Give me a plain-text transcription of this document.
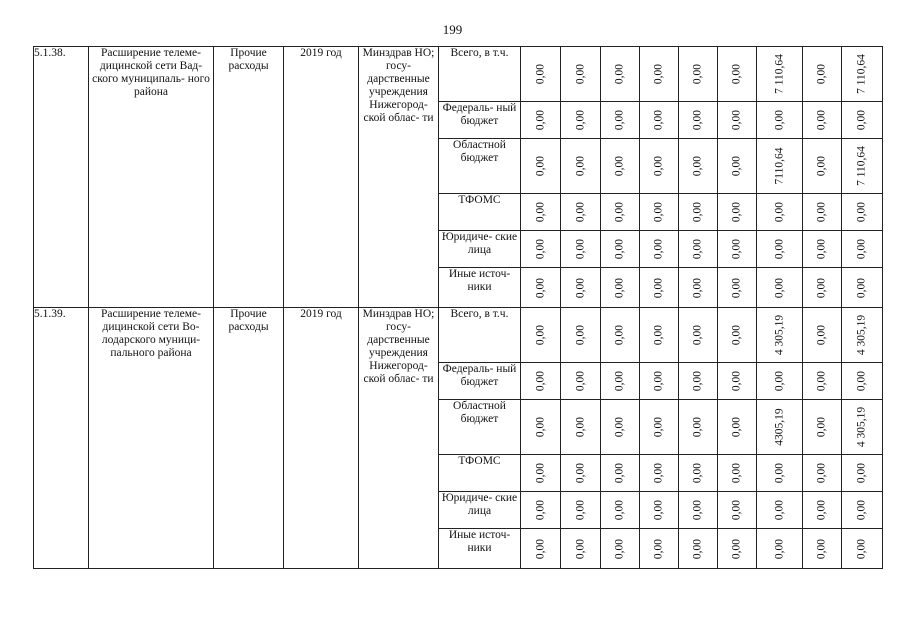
199
5.1.38.	Расширение телеме- дицинской сети Вад- ского муниципаль- ного района	Прочие расходы	2019 год	Минздрав НО; госу- дарственные учреждения Нижегород- ской облас- ти	Всего, в т.ч.	0,00	0,00	0,00	0,00	0,00	0,00	7 110,64	0,00	7 110,64

					Федераль- ный бюджет	0,00	0,00	0,00	0,00	0,00	0,00	0,00	0,00	0,00

					Областной бюджет	0,00	0,00	0,00	0,00	0,00	0,00	7110,64	0,00	7 110,64

					ТФОМС	0,00	0,00	0,00	0,00	0,00	0,00	0,00	0,00	0,00

					Юридиче- ские лица	0,00	0,00	0,00	0,00	0,00	0,00	0,00	0,00	0,00

					Иные источ- ники	0,00	0,00	0,00	0,00	0,00	0,00	0,00	0,00	0,00

5.1.39.	Расширение телеме- дицинской сети Во- лодарского муници- пального района	Прочие расходы	2019 год	Минздрав НО; госу- дарственные учреждения Нижегород- ской облас- ти	Всего, в т.ч.	0,00	0,00	0,00	0,00	0,00	0,00	4 305,19	0,00	4 305,19

					Федераль- ный бюджет	0,00	0,00	0,00	0,00	0,00	0,00	0,00	0,00	0,00

					Областной бюджет	0,00	0,00	0,00	0,00	0,00	0,00	4305,19	0,00	4 305,19

					ТФОМС	0,00	0,00	0,00	0,00	0,00	0,00	0,00	0,00	0,00

					Юридиче- ские лица	0,00	0,00	0,00	0,00	0,00	0,00	0,00	0,00	0,00

					Иные источ- ники	0,00	0,00	0,00	0,00	0,00	0,00	0,00	0,00	0,00
